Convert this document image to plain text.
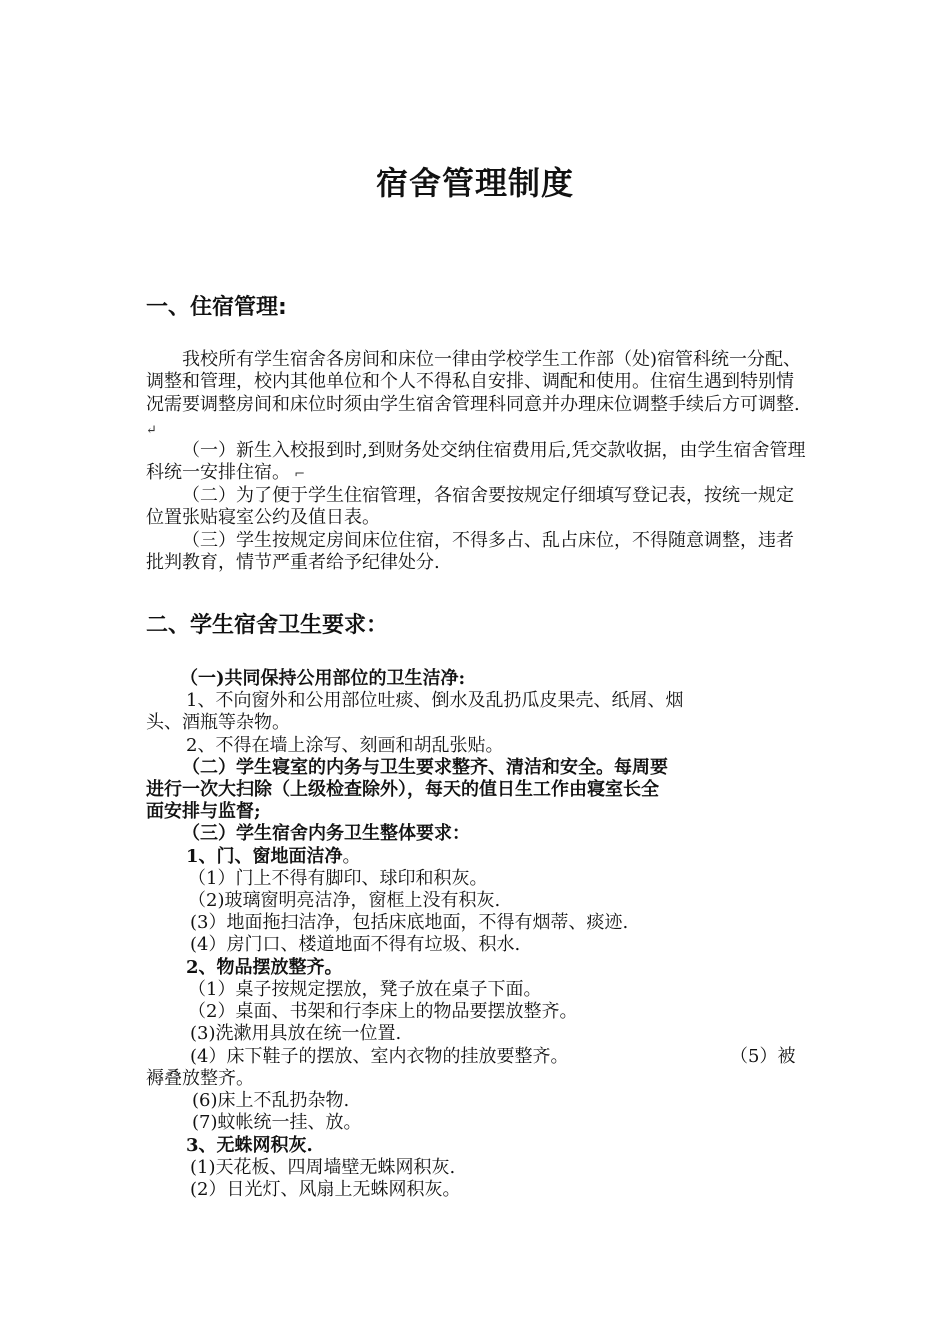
宿舍管理制度
一、住宿管理:

我校所有学生宿舍各房间和床位一律由学校学生工作部（处)宿管科统一分配、调整和管理，校内其他单位和个人不得私自安排、调配和使用。住宿生遇到特别情况需要调整房间和床位时须由学生宿舍管理科同意并办理床位调整手续后方可调整. ↵

（一）新生入校报到时,到财务处交纳住宿费用后,凭交款收据，由学生宿舍管理科统一安排住宿。 ⌐

（二）为了便于学生住宿管理，各宿舍要按规定仔细填写登记表，按统一规定位置张贴寝室公约及值日表。

（三）学生按规定房间床位住宿，不得多占、乱占床位，不得随意调整，违者批判教育，情节严重者给予纪律处分.

二、学生宿舍卫生要求：
（一)共同保持公用部位的卫生洁净:
1、不向窗外和公用部位吐痰、倒水及乱扔瓜皮果壳、纸屑、烟
头、酒瓶等杂物。
2、不得在墙上涂写、刻画和胡乱张贴。
（二）学生寝室的内务与卫生要求整齐、清洁和安全。每周要
进行一次大扫除（上级检查除外），每天的值日生工作由寝室长全
面安排与监督;
（三）学生宿舍内务卫生整体要求：
1、门、窗地面洁净。
（1）门上不得有脚印、球印和积灰。
（2)玻璃窗明亮洁净，窗框上没有积灰.
(3）地面拖扫洁净，包括床底地面，不得有烟蒂、痰迹.
(4）房门口、楼道地面不得有垃圾、积水.
2、物品摆放整齐。
（1）桌子按规定摆放，凳子放在桌子下面。
（2）桌面、书架和行李床上的物品要摆放整齐。
(3)洗漱用具放在统一位置.
(4）床下鞋子的摆放、室内衣物的挂放要整齐。	（5）被
褥叠放整齐。
(6)床上不乱扔杂物.
(7)蚊帐统一挂、放。
3、无蛛网积灰.
(1)天花板、四周墙壁无蛛网积灰.
(2）日光灯、风扇上无蛛网积灰。
